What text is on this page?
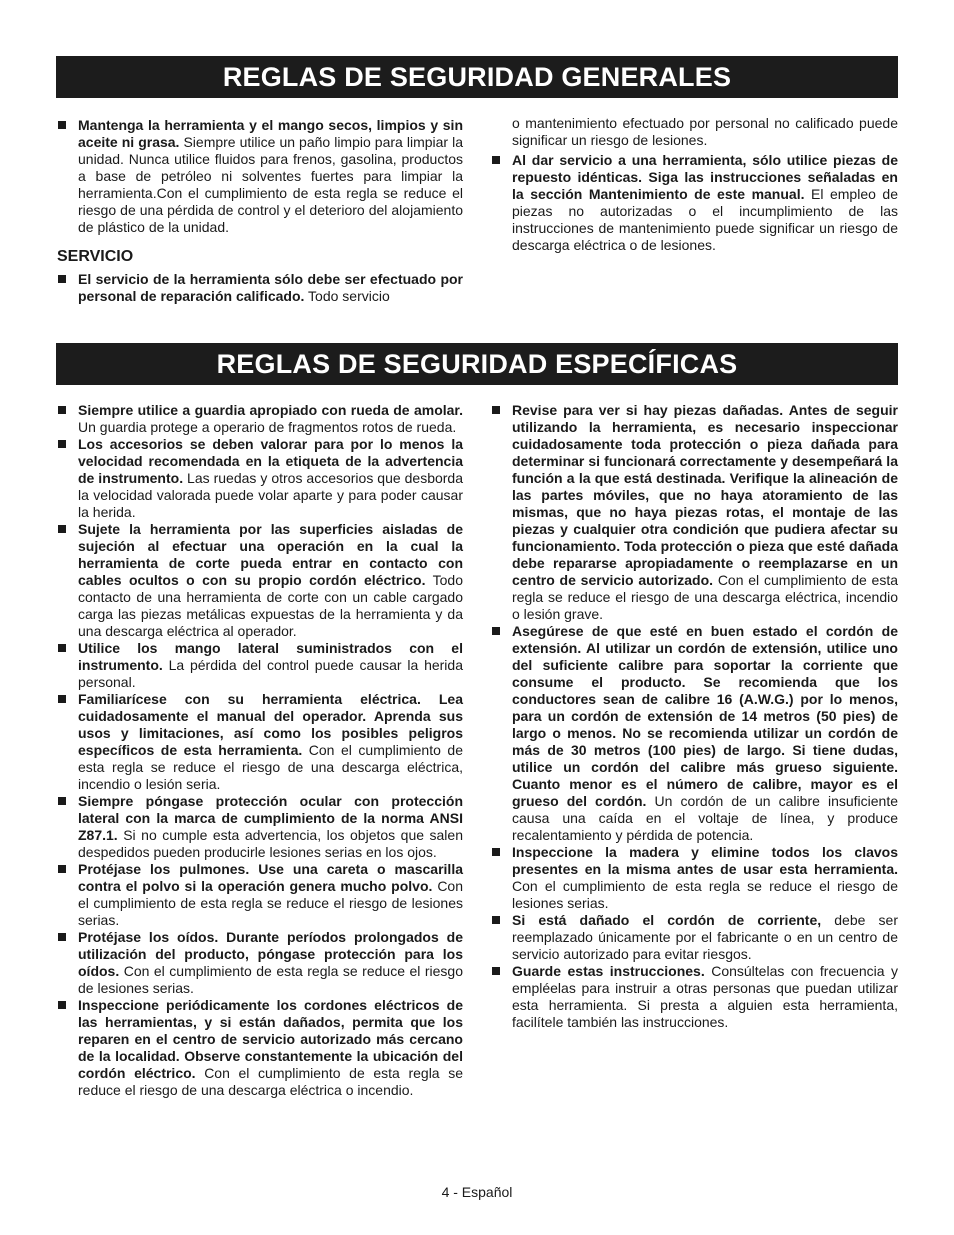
REGLAS DE SEGURIDAD GENERALES
REGLAS DE SEGURIDAD ESPECÍFICAS
Mantenga la herramienta y el mango secos, limpios y sin aceite ni grasa. Siempre utilice un paño limpio para limpiar la unidad. Nunca utilice fluidos para frenos, gasolina, productos a base de petróleo ni solventes fuertes para limpiar la herramienta.Con el cumplimiento de esta regla se reduce el riesgo de una pérdida de control y el deterioro del alojamiento de plástico de la unidad.
SERVICIO
El servicio de la herramienta sólo debe ser efectuado por personal de reparación calificado. Todo servicio
o mantenimiento efectuado por personal no calificado puede significar un riesgo de lesiones.
Al dar servicio a una herramienta, sólo utilice piezas de repuesto idénticas. Siga las instrucciones señaladas en la sección Mantenimiento de este manual. El empleo de piezas no autorizadas o el incumplimiento de las instrucciones de mantenimiento puede significar un riesgo de descarga eléctrica o de lesiones.
Siempre utilice a guardia apropiado con rueda de amolar. Un guardia protege a operario de fragmentos rotos de rueda.
Los accesorios se deben valorar para por lo menos la velocidad recomendada en la etiqueta de la advertencia de instrumento. Las ruedas y otros accesorios que desborda la velocidad valorada puede volar aparte y para poder causar la herida.
Sujete la herramienta por las superficies aisladas de sujeción al efectuar una operación en la cual la herramienta de corte pueda entrar en contacto con cables ocultos o con su propio cordón eléctrico. Todo contacto de una herramienta de corte con un cable cargado carga las piezas metálicas expuestas de la herramienta y da una descarga eléctrica al operador.
Utilice los mango lateral suministrados con el instrumento. La pérdida del control puede causar la herida personal.
Familiarícese con su herramienta eléctrica. Lea cuidadosamente el manual del operador. Aprenda sus usos y limitaciones, así como los posibles peligros específicos de esta herramienta. Con el cumplimiento de esta regla se reduce el riesgo de una descarga eléctrica, incendio o lesión seria.
Siempre póngase protección ocular con protección lateral con la marca de cumplimiento de la norma ANSI Z87.1. Si no cumple esta advertencia, los objetos que salen despedidos pueden producirle lesiones serias en los ojos.
Protéjase los pulmones. Use una careta o mascarilla contra el polvo si la operación genera mucho polvo. Con el cumplimiento de esta regla se reduce el riesgo de lesiones serias.
Protéjase los oídos. Durante períodos prolongados de utilización del producto, póngase protección para los oídos. Con el cumplimiento de esta regla se reduce el riesgo de lesiones serias.
Inspeccione periódicamente los cordones eléctricos de las herramientas, y si están dañados, permita que los reparen en el centro de servicio autorizado más cercano de la localidad. Observe constantemente la ubicación del cordón eléctrico. Con el cumplimiento de esta regla se reduce el riesgo de una descarga eléctrica o incendio.
Revise para ver si hay piezas dañadas. Antes de seguir utilizando la herramienta, es necesario inspeccionar cuidadosamente toda protección o pieza dañada para determinar si funcionará correctamente y desempeñará la función a la que está destinada. Verifique la alineación de las partes móviles, que no haya atoramiento de las mismas, que no haya piezas rotas, el montaje de las piezas y cualquier otra condición que pudiera afectar su funcionamiento. Toda protección o pieza que esté dañada debe repararse apropiadamente o reemplazarse en un centro de servicio autorizado. Con el cumplimiento de esta regla se reduce el riesgo de una descarga eléctrica, incendio o lesión grave.
Asegúrese de que esté en buen estado el cordón de extensión. Al utilizar un cordón de extensión, utilice uno del suficiente calibre para soportar la corriente que consume el producto. Se recomienda que los conductores sean de calibre 16 (A.W.G.) por lo menos, para un cordón de extensión de 14 metros (50 pies) de largo o menos. No se recomienda utilizar un cordón de más de 30 metros (100 pies) de largo. Si tiene dudas, utilice un cordón del calibre más grueso siguiente. Cuanto menor es el número de calibre, mayor es el grueso del cordón. Un cordón de un calibre insuficiente causa una caída en el voltaje de línea, y produce recalentamiento y pérdida de potencia.
Inspeccione la madera y elimine todos los clavos presentes en la misma antes de usar esta herramienta. Con el cumplimiento de esta regla se reduce el riesgo de lesiones serias.
Si está dañado el cordón de corriente, debe ser reemplazado únicamente por el fabricante o en un centro de servicio autorizado para evitar riesgos.
Guarde estas instrucciones. Consúltelas con frecuencia y empléelas para instruir a otras personas que puedan utilizar esta herramienta. Si presta a alguien esta herramienta, facilítele también las instrucciones.
4 - Español
